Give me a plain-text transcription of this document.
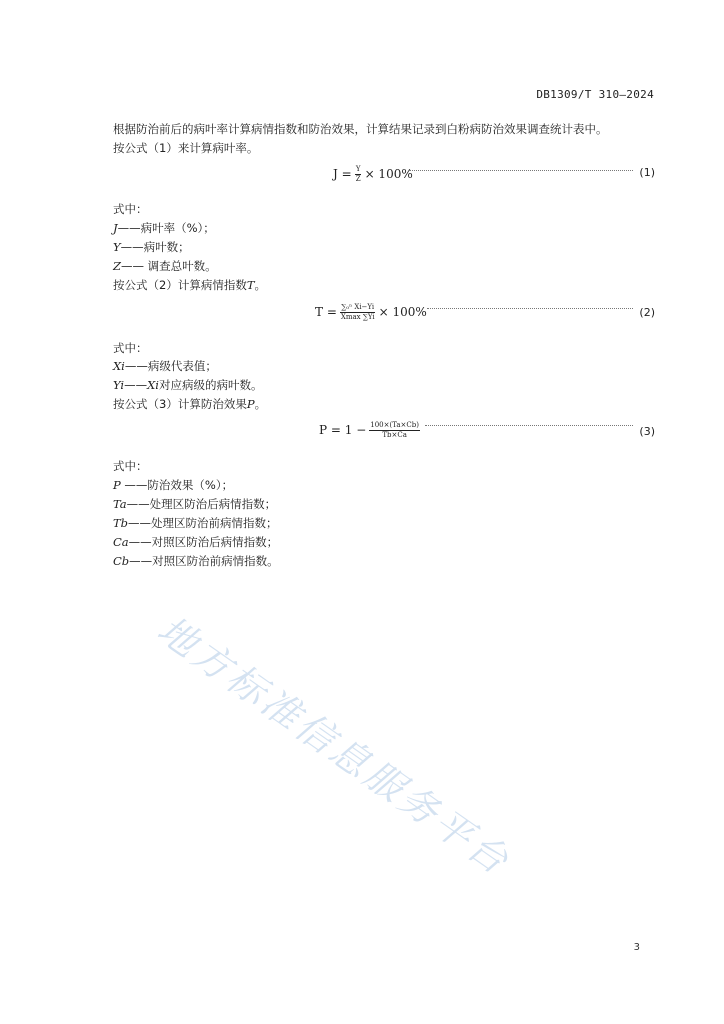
DB1309/T 310—2024
根据防治前后的病叶率计算病情指数和防治效果，计算结果记录到白粉病防治效果调查统计表中。
按公式（1）来计算病叶率。
$J = \frac{Y}{Z} \times 100\%$	(1)
式中：
J——病叶率（%）；
Y——病叶数；
Z—— 调查总叶数。
按公式（2）计算病情指数T。
$T = \frac{\text{∑₀ⁿ Xi−Yi}}{Xmax \sum Yi} \times 100\%$	(2)
式中：
Xi——病级代表值；
Yi——Xi对应病级的病叶数。
按公式（3）计算防治效果P。
$P = 1 - \frac{100\times(Ta\times Cb)}{Tb\times Ca}$	(3)
式中：
P ——防治效果（%）；
Ta——处理区防治后病情指数；
Tb——处理区防治前病情指数；
Ca——对照区防治后病情指数；
Cb——对照区防治前病情指数。
地方标准信息服务平台
3
